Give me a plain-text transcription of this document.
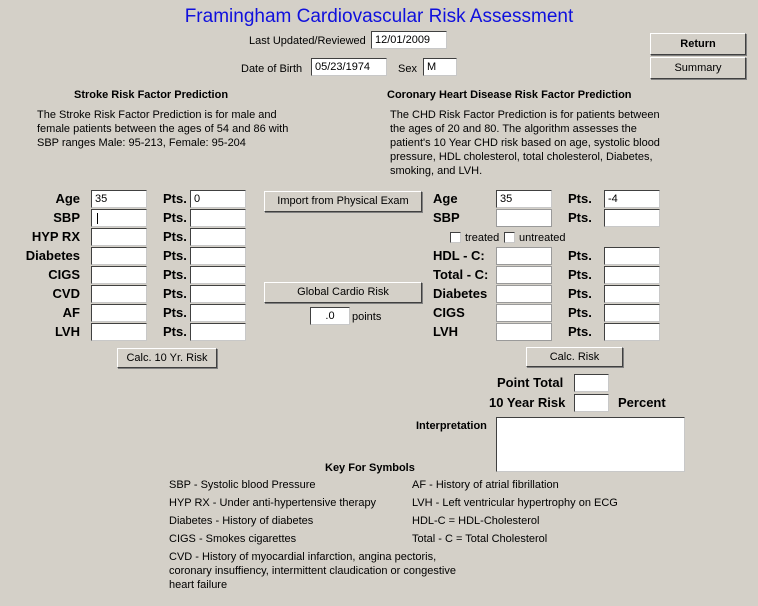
Framingham Cardiovascular Risk Assessment
Last Updated/Reviewed 12/01/2009
Date of Birth	05/23/1974	Sex M
Return
Summary
Stroke Risk Factor Prediction
The Stroke Risk Factor Prediction is for male and
female patients between the ages of 54 and 86 with
SBP ranges Male: 95-213, Female: 95-204
Coronary Heart Disease Risk Factor Prediction
The CHD Risk Factor Prediction is for patients between
the ages of 20 and 80. The algorithm assesses the
patient's 10 Year CHD risk based on age, systolic blood
pressure, HDL cholesterol, total cholesterol, Diabetes,
smoking, and LVH.
Age	35	Pts. 0
SBP	Pts.
HYP RX	Pts.
Diabetes	Pts.
CIGS	Pts.
CVD	Pts.
AF	Pts.
LVH	Pts.
Calc. 10 Yr. Risk
Import from Physical Exam
Global Cardio Risk
.0	points
Age	35	Pts.	-4
SBP	Pts.
treated untreated
HDL - C:	Pts.
Total - C:	Pts.
Diabetes	Pts.
CIGS	Pts.
LVH	Pts.
Calc. Risk
Point Total
10 Year Risk	Percent
Interpretation
Key For Symbols
SBP - Systolic blood Pressure
HYP RX - Under anti-hypertensive therapy
Diabetes - History of diabetes
CIGS - Smokes cigarettes
AF - History of atrial fibrillation
LVH - Left ventricular hypertrophy on ECG
HDL-C = HDL-Cholesterol
Total - C = Total Cholesterol
CVD - History of myocardial infarction, angina pectoris,
coronary insuffiency, intermittent claudication or congestive
heart failure
